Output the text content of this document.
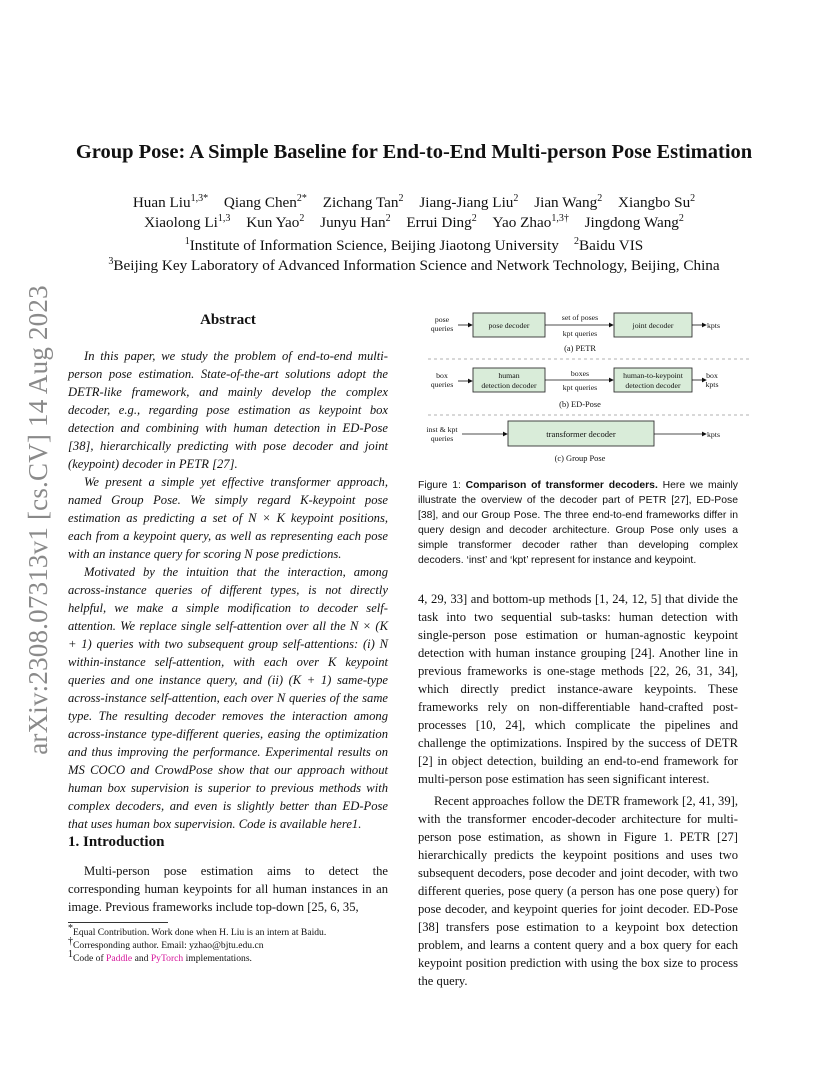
arXiv:2308.07313v1 [cs.CV] 14 Aug 2023
Group Pose: A Simple Baseline for End-to-End Multi-person Pose Estimation
Huan Liu$^{1,3*}$ Qiang Chen$^{2*}$ Zichang Tan$^2$ Jiang-Jiang Liu$^2$ Jian Wang$^2$ Xiangbo Su$^2$
Xiaolong Li$^{1,3}$ Kun Yao$^2$ Junyu Han$^2$ Errui Ding$^2$ Yao Zhao$^{1,3\dagger}$ Jingdong Wang$^2$
$^1$Institute of Information Science, Beijing Jiaotong University $^2$Baidu VIS
$^3$Beijing Key Laboratory of Advanced Information Science and Network Technology, Beijing, China
Abstract

In this paper, we study the problem of end-to-end multi-person pose estimation. State-of-the-art solutions adopt the DETR-like framework, and mainly develop the complex decoder, e.g., regarding pose estimation as keypoint box detection and combining with human detection in ED-Pose [38], hierarchically predicting with pose decoder and joint (keypoint) decoder in PETR [27].

We present a simple yet effective transformer approach, named Group Pose. We simply regard K-keypoint pose estimation as predicting a set of N × K keypoint positions, each from a keypoint query, as well as representing each pose with an instance query for scoring N pose predictions.

Motivated by the intuition that the interaction, among across-instance queries of different types, is not directly helpful, we make a simple modification to decoder self-attention. We replace single self-attention over all the N × (K + 1) queries with two subsequent group self-attentions: (i) N within-instance self-attention, with each over K keypoint queries and one instance query, and (ii) (K + 1) same-type across-instance self-attention, each over N queries of the same type. The resulting decoder removes the interaction among across-instance type-different queries, easing the optimization and thus improving the performance. Experimental results on MS COCO and CrowdPose show that our approach without human box supervision is superior to previous methods with complex decoders, and even is slightly better than ED-Pose that uses human box supervision. Code is available here1.

1. Introduction

Multi-person pose estimation aims to detect the corresponding human keypoints for all human instances in an image. Previous frameworks include top-down [25, 6, 35,

*Equal Contribution. Work done when H. Liu is an intern at Baidu.
†Corresponding author. Email: yzhao@bjtu.edu.cn
$^1$Code of Paddle and PyTorch implementations.
pose
queries	pose decoder
set of poses
kpt queries
joint decoder	kpts
(a) PETR
box
queries
human
detection decoder
boxes
kpt queries
human-to-keypoint
detection decoder
box
kpts
(b) ED-Pose
inst & kpt
queries	transformer decoder	kpts
(c) Group Pose
Figure 1: Comparison of transformer decoders. Here we mainly illustrate the overview of the decoder part of PETR [27], ED-Pose [38], and our Group Pose. The three end-to-end frameworks differ in query design and decoder architecture. Group Pose only uses a simple transformer decoder rather than developing complex decoders. ‘inst’ and ‘kpt’ represent for instance and keypoint.

4, 29, 33] and bottom-up methods [1, 24, 12, 5] that divide the task into two sequential sub-tasks: human detection with single-person pose estimation or human-agnostic keypoint detection with human instance grouping [24]. Another line in previous frameworks is one-stage methods [22, 26, 31, 34], which directly predict instance-aware keypoints. These frameworks rely on non-differentiable hand-crafted post-processes [10, 24], which complicate the pipelines and challenge the optimizations. Inspired by the success of DETR [2] in object detection, building an end-to-end framework for multi-person pose estimation has seen significant interest.

Recent approaches follow the DETR framework [2, 41, 39], with the transformer encoder-decoder architecture for multi-person pose estimation, as shown in Figure 1. PETR [27] hierarchically predicts the keypoint positions and uses two subsequent decoders, pose decoder and joint decoder, with two different queries, pose query (a person has one pose query) for pose decoder, and keypoint queries for joint decoder. ED-Pose [38] transfers pose estimation to a keypoint box detection problem, and learns a content query and a box query for each keypoint position prediction with using the box size to process the query.
